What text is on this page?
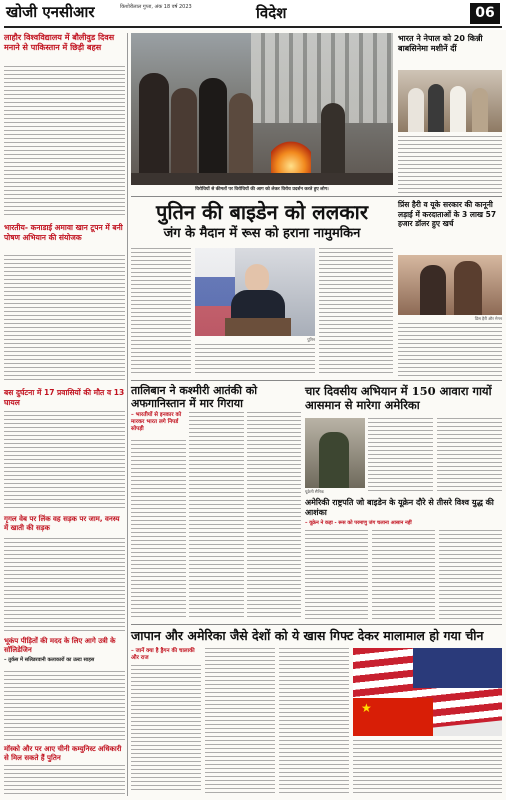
खोजी एनसीआर	किशोरीलाल गुप्ता, अंक 18 वर्ष 2023	विदेश	06
लाहौर विश्वविद्यालय में बौलीवुड दिवस मनाने से पाकिस्तान में छिड़ी बहस
भारतीय- कनाडाई अमावा खान टूपन में बनी पोषण अभियान की संयोजक
बस दुर्घटना में 17 प्रवासियों की मौत व 13 घायल
गृगल वेब पर लिंक वह सड़क पर जाम, वनस्य में खाती की सड़क
भूकंप पीड़ितों की मदद के लिए आगे उत्री के सॉलिडेजिन
– तुर्कस में सलिडरवानी कलाकारों का उल्टा साहस
मॉस्को और पर आए चीनी कम्युनिस्ट अधिकारी से मिल सकते हैं पुतिन
विरोधियों से कीमतों पर विरोधियों की आग को लेकर विरोध प्रदर्शन करते हुए लोग।
भारत ने नेपाल को 20 किन्नी बाबसिनेमा मशीनें दीं
पुतिन की बाइडेन को ललकार
जंग के मैदान में रूस को हराना नामुमकिन
पुतिन
प्रिंस हैरी व यूके सरकार की कानूनी लड़ाई में करदाताओं के 3 लाख 57 हजार डॉलर हुए खर्च
प्रिंस हैरी और मेगन
तालिबान ने कश्मीरी आतंकी को अफगानिस्तान में मार गिराया
– भारतीयों से इनकार को मारकर भारत लगे निपर्ड सोपड़ी
चार दिवसीय अभियान में 150 आवारा गायों आसमान से मारेगा अमेरिका
यूक्रेनी सैनिक
अमेरिकी राष्ट्रपति जो बाइडेन के यूक्रेन दौरे से तीसरे विश्व युद्ध की आशंका
– यूक्रेन ने कहा - रूस को परमाणु जंग चलाना आसान नहीं
जापान और अमेरिका जैसे देशों को ये खास गिफ्ट देकर मालामाल हो गया चीन
– जानें क्या है ड्रैगन की चालाकी और राज
★
